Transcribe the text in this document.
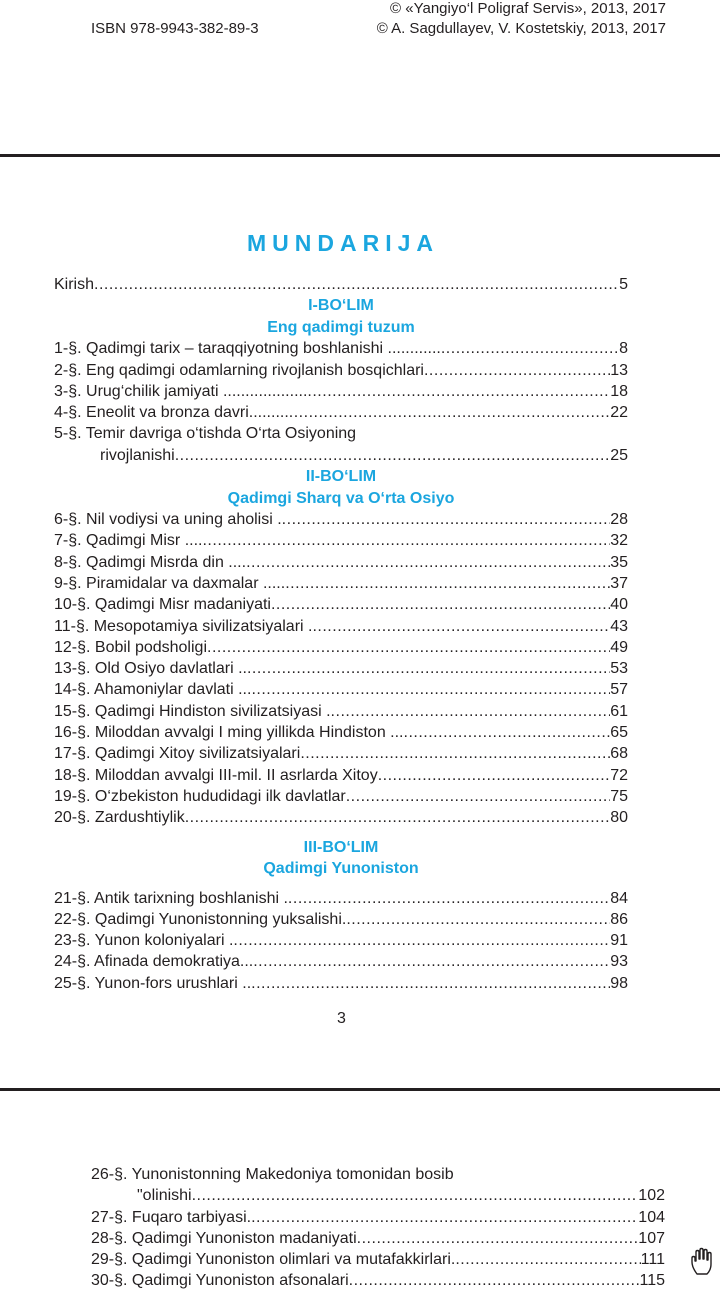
ISBN 978-9943-382-89-3
© «Yangiyo‘l Poligraf Servis», 2013, 2017
© A. Sagdullayev, V. Kostetskiy, 2013, 2017
MUNDARIJA
Kirish .....	5
I-BO‘LIM
Eng qadimgi tuzum
1-§. Qadimgi tarix – taraqqiyotning boshlanishi ............ .....	8
2-§. Eng qadimgi odamlarning rivojlanish bosqichlari .....	13
3-§. Urug‘chilik jamiyati ................... .....	18
4-§. Eneolit va bronza davri......... .....	22
5-§. Temir davriga o‘tishda O‘rta Osiyoning
rivojlanishi .....	25
II-BO‘LIM
Qadimgi Sharq va O‘rta Osiyo
6-§. Nil vodiysi va uning aholisi . .....	28
7-§. Qadimgi Misr .... .....	32
8-§. Qadimgi Misrda din .... .....	35
9-§. Piramidalar va daxmalar ..... .....	37
10-§. Qadimgi Misr madaniyati .....	40
11-§. Mesopotamiya sivilizatsiyalari . .....	43
12-§. Bobil podsholigi .....	49
13-§. Old Osiyo davlatlari .. .....	53
14-§. Ahamoniylar davlati ... .....	57
15-§. Qadimgi Hindiston sivilizatsiyasi . .....	61
16-§. Miloddan avvalgi I ming yillikda Hindiston ... .....	65
17-§. Qadimgi Xitoy sivilizatsiyalari .....	68
18-§. Miloddan avvalgi III-mil. II asrlarda Xitoy .....	72
19-§. O‘zbekiston hududidagi ilk davlatlar .....	75
20-§. Zardushtiylik .....	80
III-BO‘LIM
Qadimgi Yunoniston
21-§. Antik tarixning boshlanishi . .....	84
22-§. Qadimgi Yunonistonning yuksalishi. .....	86
23-§. Yunon koloniyalari . .....	91
24-§. Afinada demokratiya... .....	93
25-§. Yunon-fors urushlari .. .....	98
3
26-§. Yunonistonning Makedoniya tomonidan bosib
"olinishi .....	102
27-§. Fuqaro tarbiyasi. .....	104
28-§. Qadimgi Yunoniston madaniyati .....	107
29-§. Qadimgi Yunoniston olimlari va mutafakkirlari. .....	111
30-§. Qadimgi Yunoniston afsonalari .....	115
